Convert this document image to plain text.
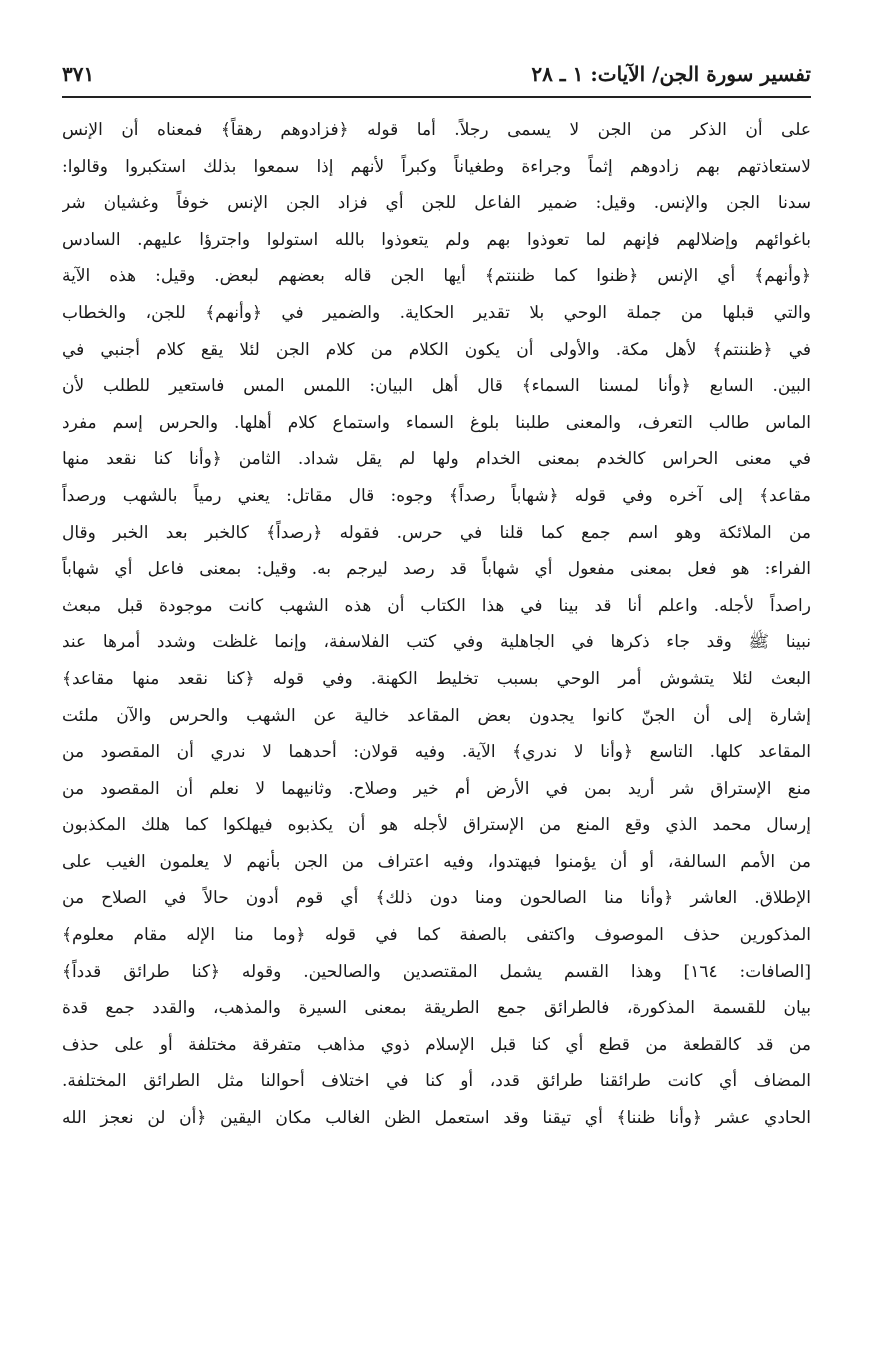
تفسير سورة الجن/ الآيات: ١ ـ ٢٨
٣٧١
على أن الذكر من الجن لا يسمى رجلاً. أما قوله ﴿فزادوهم رهقاً﴾ فمعناه أن الإنس
لاستعاذتهم بهم زادوهم إثماً وجراءة وطغياناً وكبراً لأنهم إذا سمعوا بذلك استكبروا وقالوا:
سدنا الجن والإنس. وقيل: ضمير الفاعل للجن أي فزاد الجن الإنس خوفاً وغشيان شر
باغوائهم وإضلالهم فإنهم لما تعوذوا بهم ولم يتعوذوا بالله استولوا واجترؤا عليهم. السادس
﴿وأنهم﴾ أي الإنس ﴿ظنوا كما ظننتم﴾ أيها الجن قاله بعضهم لبعض. وقيل: هذه الآية
والتي قبلها من جملة الوحي بلا تقدير الحكاية. والضمير في ﴿وأنهم﴾ للجن، والخطاب
في ﴿ظننتم﴾ لأهل مكة. والأولى أن يكون الكلام من كلام الجن لئلا يقع كلام أجنبي في
البين. السابع ﴿وأنا لمسنا السماء﴾ قال أهل البيان: اللمس المس فاستعير للطلب لأن
الماس طالب التعرف، والمعنى طلبنا بلوغ السماء واستماع كلام أهلها. والحرس إسم مفرد
في معنى الحراس كالخدم بمعنى الخدام ولها لم يقل شداد. الثامن ﴿وأنا كنا نقعد منها
مقاعد﴾ إلى آخره وفي قوله ﴿شهاباً رصداً﴾ وجوه: قال مقاتل: يعني رمياً بالشهب ورصداً
من الملائكة وهو اسم جمع كما قلنا في حرس. فقوله ﴿رصداً﴾ كالخبر بعد الخبر وقال
الفراء: هو فعل بمعنى مفعول أي شهاباً قد رصد ليرجم به. وقيل: بمعنى فاعل أي شهاباً
راصداً لأجله. واعلم أنا قد بينا في هذا الكتاب أن هذه الشهب كانت موجودة قبل مبعث
نبينا ﷺ وقد جاء ذكرها في الجاهلية وفي كتب الفلاسفة، وإنما غلظت وشدد أمرها عند
البعث لئلا يتشوش أمر الوحي بسبب تخليط الكهنة. وفي قوله ﴿كنا نقعد منها مقاعد﴾
إشارة إلى أن الجنّ كانوا يجدون بعض المقاعد خالية عن الشهب والحرس والآن ملئت
المقاعد كلها. التاسع ﴿وأنا لا ندري﴾ الآية. وفيه قولان: أحدهما لا ندري أن المقصود من
منع الإستراق شر أريد بمن في الأرض أم خير وصلاح. وثانيهما لا نعلم أن المقصود من
إرسال محمد الذي وقع المنع من الإستراق لأجله هو أن يكذبوه فيهلكوا كما هلك المكذبون
من الأمم السالفة، أو أن يؤمنوا فيهتدوا، وفيه اعتراف من الجن بأنهم لا يعلمون الغيب على
الإطلاق. العاشر ﴿وأنا منا الصالحون ومنا دون ذلك﴾ أي قوم أدون حالاً في الصلاح من
المذكورين حذف الموصوف واكتفى بالصفة كما في قوله ﴿وما منا الإله مقام معلوم﴾
[الصافات: ١٦٤] وهذا القسم يشمل المقتصدين والصالحين. وقوله ﴿كنا طرائق قدداً﴾
بيان للقسمة المذكورة، فالطرائق جمع الطريقة بمعنى السيرة والمذهب، والقدد جمع قدة
من قد كالقطعة من قطع أي كنا قبل الإسلام ذوي مذاهب متفرقة مختلفة أو على حذف
المضاف أي كانت طرائقنا طرائق قدد، أو كنا في اختلاف أحوالنا مثل الطرائق المختلفة.
الحادي عشر ﴿وأنا ظننا﴾ أي تيقنا وقد استعمل الظن الغالب مكان اليقين ﴿أن لن نعجز الله
